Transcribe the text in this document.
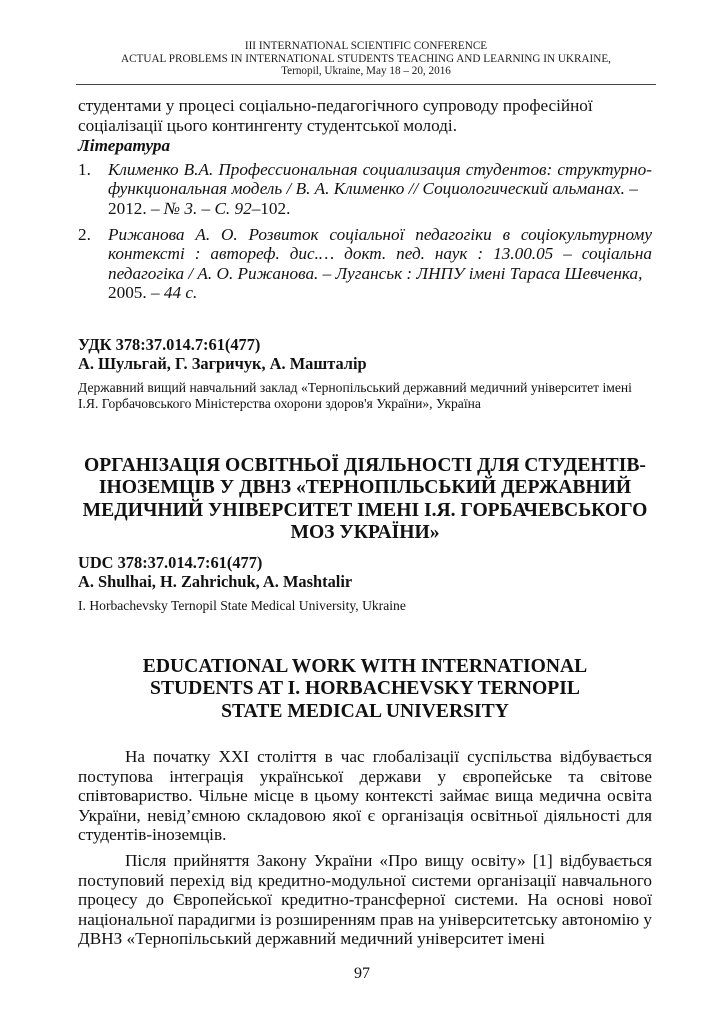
III INTERNATIONAL SCIENTIFIC CONFERENCE
ACTUAL PROBLEMS IN INTERNATIONAL STUDENTS TEACHING AND LEARNING IN UKRAINE,
Ternopil, Ukraine, May 18 – 20, 2016
студентами у процесі соціально-педагогічного супроводу професійної соціалізації цього контингенту студентської молоді.
Література
1. Клименко В.А. Профессиональная социализация студентов: структурно-функциональная модель / В. А. Клименко // Социологический альманах. –
2012. – № 3. – С. 92–102.
2. Рижанова А. О. Розвиток соціальної педагогіки в соціокультурному контексті : автореф. дис.… докт. пед. наук : 13.00.05 – соціальна педагогіка / А. О. Рижанова. – Луганськ : ЛНПУ імені Тараса Шевченка,
2005. – 44 с.
УДК 378:37.014.7:61(477)
А. Шульгай, Г. Загричук, А. Машталір
Державний вищий навчальний заклад «Тернопільський державний медичний університет імені І.Я. Горбачовського Міністерства охорони здоров'я України», Україна
ОРГАНІЗАЦІЯ ОСВІТНЬОЇ ДІЯЛЬНОСТІ ДЛЯ СТУДЕНТІВ-ІНОЗЕМЦІВ У ДВНЗ «ТЕРНОПІЛЬСЬКИЙ ДЕРЖАВНИЙ МЕДИЧНИЙ УНІВЕРСИТЕТ ІМЕНІ І.Я. ГОРБАЧЕВСЬКОГО МОЗ УКРАЇНИ»
UDC 378:37.014.7:61(477)
A. Shulhai, H. Zahrichuk, A. Mashtalir
I. Horbachevsky Ternopil State Medical University, Ukraine
EDUCATIONAL WORK WITH INTERNATIONAL STUDENTS AT I. HORBACHEVSKY TERNOPIL STATE MEDICAL UNIVERSITY

На початку XXI століття в час глобалізації суспільства відбувається поступова інтеграція української держави у європейське та світове співтовариство. Чільне місце в цьому контексті займає вища медична освіта України, невід’ємною складовою якої є організація освітньої діяльності для студентів-іноземців.

Після прийняття Закону України «Про вищу освіту» [1] відбувається поступовий перехід від кредитно-модульної системи організації навчального процесу до Європейської кредитно-трансферної системи. На основі нової національної парадигми із розширенням прав на університетську автономію у ДВНЗ «Тернопільський державний медичний університет імені

97
